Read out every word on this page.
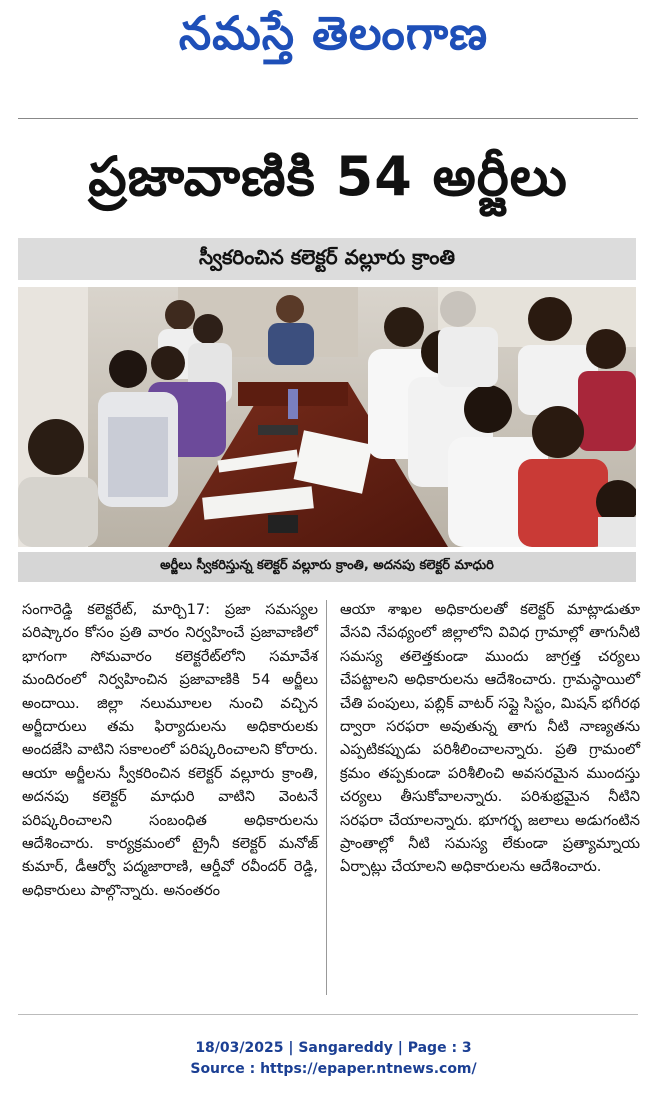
నమస్తే తెలంగాణ
ప్రజావాణికి 54 అర్జీలు
స్వీకరించిన కలెక్టర్ వల్లూరు క్రాంతి
అర్జీలు స్వీకరిస్తున్న కలెక్టర్ వల్లూరు క్రాంతి, అదనపు కలెక్టర్ మాధురి
సంగారెడ్డి కలెక్టరేట్, మార్చి17: ప్రజా సమస్యల పరిష్కారం కోసం ప్రతి వారం నిర్వహించే ప్రజావాణిలో భాగంగా సోమవారం కలెక్టరేట్‌లోని సమావేశ మందిరంలో నిర్వహించిన ప్రజావాణికి 54 అర్జీలు అందాయి. జిల్లా నలుమూలల నుంచి వచ్చిన అర్జీదారులు తమ ఫిర్యాదులను అధికారులకు అందజేసి వాటిని సకాలంలో పరిష్కరించాలని కోరారు. ఆయా అర్జీలను స్వీకరించిన కలెక్టర్ వల్లూరు క్రాంతి, అదనపు కలెక్టర్ మాధురి వాటిని వెంటనే పరిష్కరించాలని సంబంధిత అధికారులను ఆదేశించారు. కార్యక్రమంలో ట్రైనీ కలెక్టర్ మనోజ్ కుమార్, డీఆర్వో పద్మజారాణి, ఆర్డీవో రవీందర్ రెడ్డి, అధికారులు పాల్గొన్నారు. అనంతరం
ఆయా శాఖల అధికారులతో కలెక్టర్ మాట్లాడుతూ వేసవి నేపథ్యంలో జిల్లాలోని వివిధ గ్రామాల్లో తాగునీటి సమస్య తలెత్తకుండా ముందు జాగ్రత్త చర్యలు చేపట్టాలని అధికారులను ఆదేశించారు. గ్రామస్థాయిలో చేతి పంపులు, పబ్లిక్ వాటర్ సప్లై సిస్టం, మిషన్ భగీరథ ద్వారా సరఫరా అవుతున్న తాగు నీటి నాణ్యతను ఎప్పటికప్పుడు పరిశీలించాలన్నారు. ప్రతి గ్రామంలో క్రమం తప్పకుండా పరిశీలించి అవసరమైన ముందస్తు చర్యలు తీసుకోవాలన్నారు. పరిశుభ్రమైన నీటిని సరఫరా చేయాలన్నారు. భూగర్భ జలాలు అడుగంటిన ప్రాంతాల్లో నీటి సమస్య లేకుండా ప్రత్యామ్నాయ ఏర్పాట్లు చేయాలని అధికారులను ఆదేశించారు.
18/03/2025 | Sangareddy | Page : 3
Source : https://epaper.ntnews.com/
